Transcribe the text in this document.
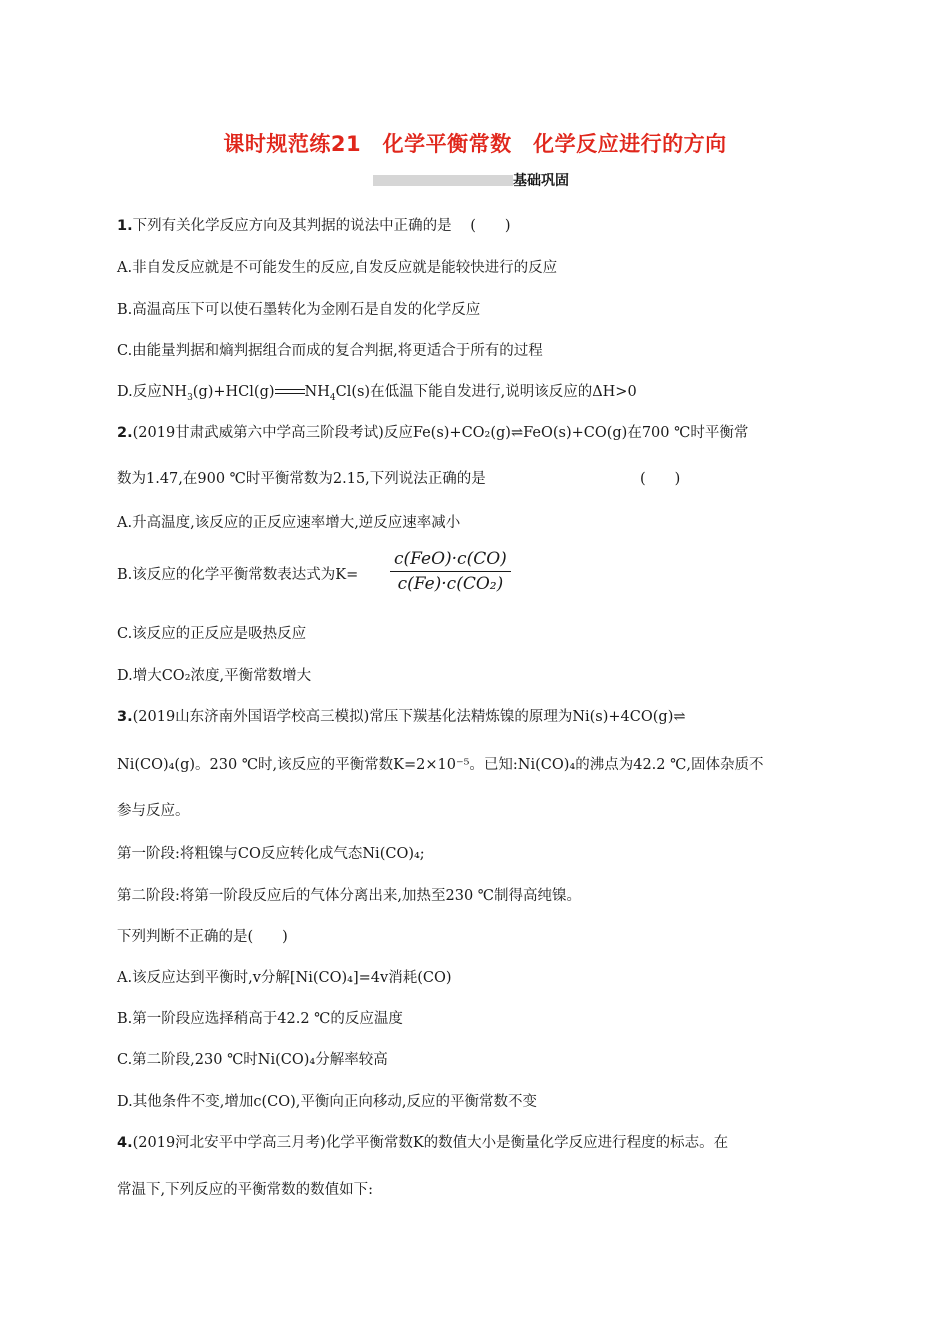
课时规范练21　化学平衡常数　化学反应进行的方向
基础巩固
1.下列有关化学反应方向及其判据的说法中正确的是 (　　)
A.非自发反应就是不可能发生的反应,自发反应就是能较快进行的反应
B.高温高压下可以使石墨转化为金刚石是自发的化学反应
C.由能量判据和熵判据组合而成的复合判据,将更适合于所有的过程
D.反应$NH_3(g)+HCl(g)$ $NH_4Cl(s)$在低温下能自发进行,说明该反应的ΔH>0
2.(2019甘肃武威第六中学高三阶段考试)反应Fe(s)+CO₂(g)⇌FeO(s)+CO(g)在700 ℃时平衡常
数为1.47,在900 ℃时平衡常数为2.15,下列说法正确的是	(　　)
A.升高温度,该反应的正反应速率增大,逆反应速率减小
B.该反应的化学平衡常数表达式为K=
c(FeO)·c(CO)
c(Fe)·c(CO₂)
C.该反应的正反应是吸热反应
D.增大CO₂浓度,平衡常数增大
3.(2019山东济南外国语学校高三模拟)常压下羰基化法精炼镍的原理为Ni(s)+4CO(g)⇌
Ni(CO)₄(g)。230 ℃时,该反应的平衡常数K=2×10⁻⁵。已知:Ni(CO)₄的沸点为42.2 ℃,固体杂质不
参与反应。
第一阶段:将粗镍与CO反应转化成气态Ni(CO)₄;
第二阶段:将第一阶段反应后的气体分离出来,加热至230 ℃制得高纯镍。
下列判断不正确的是(　　)
A.该反应达到平衡时,v分解[Ni(CO)₄]=4v消耗(CO)
B.第一阶段应选择稍高于42.2 ℃的反应温度
C.第二阶段,230 ℃时Ni(CO)₄分解率较高
D.其他条件不变,增加c(CO),平衡向正向移动,反应的平衡常数不变
4.(2019河北安平中学高三月考)化学平衡常数K的数值大小是衡量化学反应进行程度的标志。在
常温下,下列反应的平衡常数的数值如下:
